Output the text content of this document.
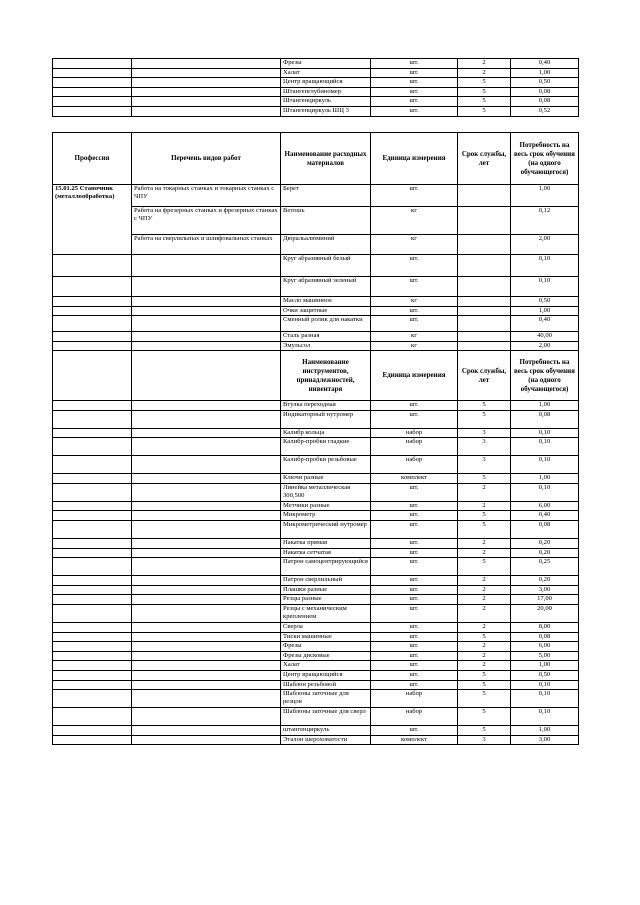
		Фрезы	шт.	2	0,40
		Халат	шт.	2	1,00
		Центр вращающийся	шт.	5	0,50
		Штангенглубиномер	шт.	5	0,08
		Штангенциркуль	шт.	5	0,08
		Штангенциркуль ШЦ 3	шт.	5	0,52
Профессия	Перечень видов работ	Наименование расходных материалов	Единица измерения	Срок службы, лет	Потребность на весь срок обучения (на одного обучающегося)
15.01.25 Станочник (металлообработка)	Работа на токарных станках и токарных станках с ЧПУ	Берет	шт.		1,00
	Работа на фрезерных станках и фрезерных станках с ЧПУ	Ветошь	кг		0,12
	Работа на сверлильных и шлифовальных станках	Дюральалюминий	кг		2,00
		Круг абразивный белый	шт.		0,10
		Круг абразивный зеленый	шт.		0,10
		Масло машинное	кг		0,50
		Очки защитные	шт.		1,00
		Сменный ролик для накатки	шт.		0,40
		Сталь разная	кг		40,00
		Эмульсол	кг		2,00
		Наименование инструментов, принадлежностей, инвентаря	Единица измерения	Срок службы, лет	Потребность на весь срок обучения (на одного обучающегося)
		Втулка переходная	шт.	5	1,00
		Индикаторный нутромер	шт.	5	0,08
		Калибр кольца	набор	3	0,10
		Калибр-пробки гладкие	набор	3	0,10
		Калибр-пробки резьбовые	набор	3	0,10
		Ключи разные	комплект	5	1,00
		Линейка металлическая 300,500	шт.	2	0,10
		Метчики разные	шт.	2	6,00
		Микрометр	шт.	5	0,40
		Микрометрический нутромер	шт.	5	0,08
		Накатка прямая	шт.	2	0,20
		Накатка сетчатая	шт.	2	0,20
		Патрон самоцентрирующийся	шт.	5	0,25
		Патрон сверлильный	шт.	2	0,20
		Плашки разные	шт.	2	3,00
		Резцы разные	шт.	2	17,00
		Резцы с механическим креплением	шт.	2	20,00
		Сверла	шт.	2	8,00
		Тиски машинные	шт.	5	0,08
		Фрезы	шт.	2	6,00
		Фрезы дисковые	шт.	2	5,00
		Халат	шт.	2	1,00
		Центр вращающийся	шт.	5	0,50
		Шаблон резьбовой	шт.	5	0,10
		Шаблоны заточные для резцов	набор	5	0,10
		Шаблоны заточные для сверл	набор	5	0,10
		штангенциркуль	шт.	5	1,00
		Эталон шероховатости	комплект	3	3,00
